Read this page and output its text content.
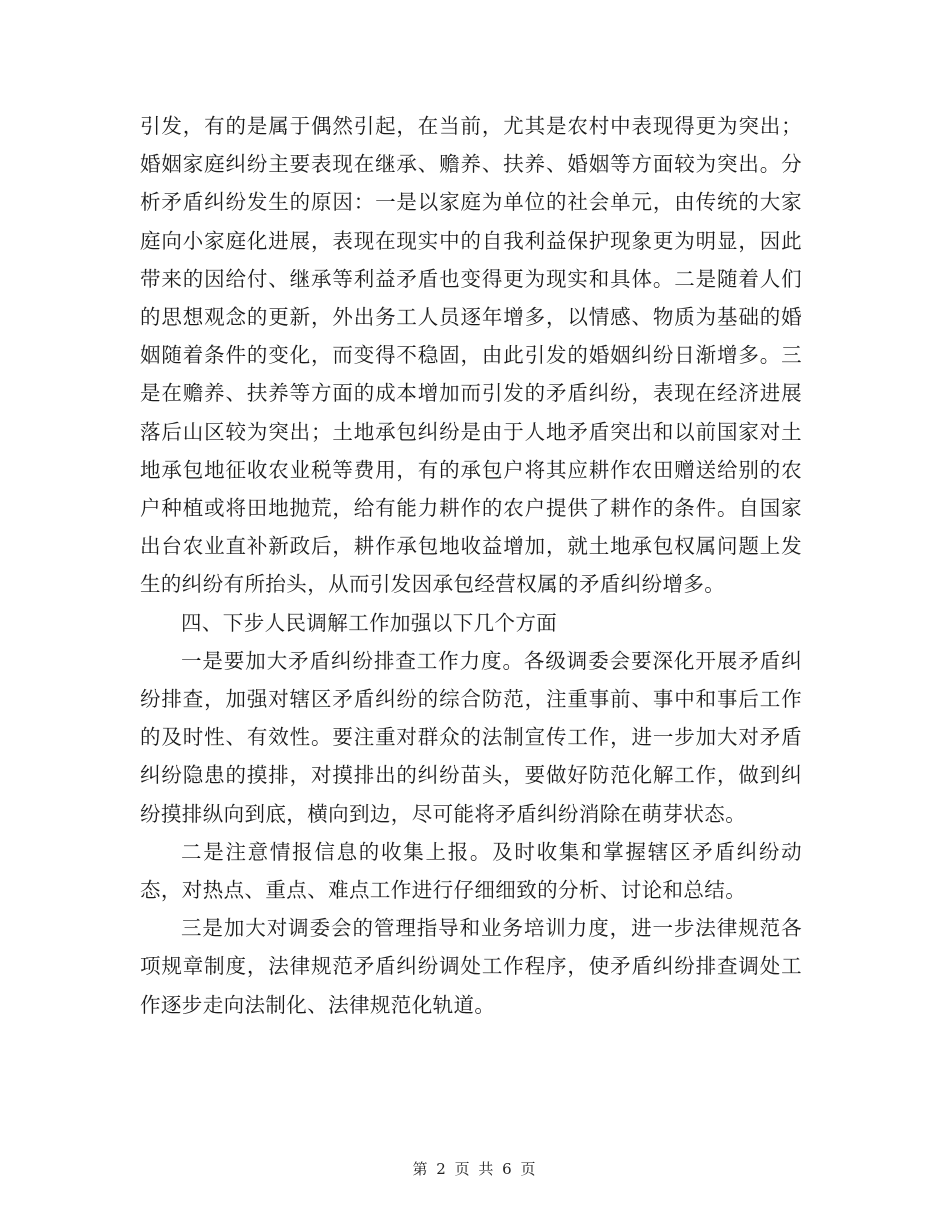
引发，有的是属于偶然引起，在当前，尤其是农村中表现得更为突出；婚姻家庭纠纷主要表现在继承、赡养、扶养、婚姻等方面较为突出。分析矛盾纠纷发生的原因：一是以家庭为单位的社会单元，由传统的大家庭向小家庭化进展，表现在现实中的自我利益保护现象更为明显，因此带来的因给付、继承等利益矛盾也变得更为现实和具体。二是随着人们的思想观念的更新，外出务工人员逐年增多，以情感、物质为基础的婚姻随着条件的变化，而变得不稳固，由此引发的婚姻纠纷日渐增多。三是在赡养、扶养等方面的成本增加而引发的矛盾纠纷，表现在经济进展落后山区较为突出；土地承包纠纷是由于人地矛盾突出和以前国家对土地承包地征收农业税等费用，有的承包户将其应耕作农田赠送给别的农户种植或将田地抛荒，给有能力耕作的农户提供了耕作的条件。自国家出台农业直补新政后，耕作承包地收益增加，就土地承包权属问题上发生的纠纷有所抬头，从而引发因承包经营权属的矛盾纠纷增多。

四、下步人民调解工作加强以下几个方面

一是要加大矛盾纠纷排查工作力度。各级调委会要深化开展矛盾纠纷排查，加强对辖区矛盾纠纷的综合防范，注重事前、事中和事后工作的及时性、有效性。要注重对群众的法制宣传工作，进一步加大对矛盾纠纷隐患的摸排，对摸排出的纠纷苗头，要做好防范化解工作，做到纠纷摸排纵向到底，横向到边，尽可能将矛盾纠纷消除在萌芽状态。

二是注意情报信息的收集上报。及时收集和掌握辖区矛盾纠纷动态，对热点、重点、难点工作进行仔细细致的分析、讨论和总结。

三是加大对调委会的管理指导和业务培训力度，进一步法律规范各项规章制度，法律规范矛盾纠纷调处工作程序，使矛盾纠纷排查调处工作逐步走向法制化、法律规范化轨道。

第 2 页 共 6 页
